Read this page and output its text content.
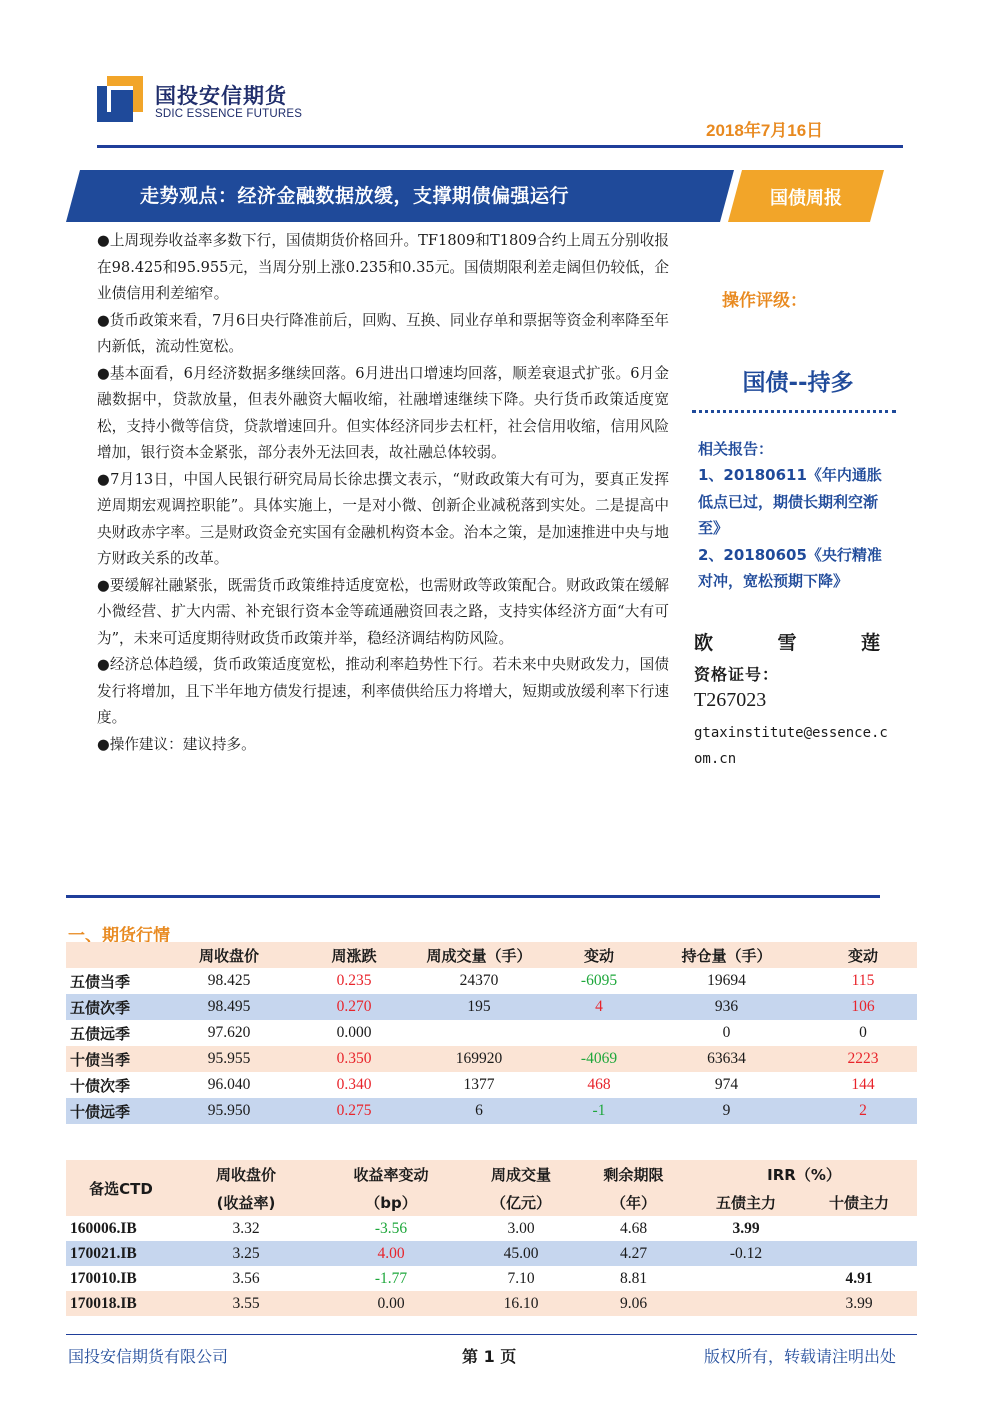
国投安信期货
SDIC ESSENCE FUTURES
2018年7月16日
走势观点：经济金融数据放缓，支撑期债偏强运行	国债周报

●上周现券收益率多数下行，国债期货价格回升。TF1809和T1809合约上周五分别收报在98.425和95.955元，当周分别上涨0.235和0.35元。国债期限利差走阔但仍较低，企业债信用利差缩窄。

●货币政策来看，7月6日央行降准前后，回购、互换、同业存单和票据等资金利率降至年内新低，流动性宽松。

●基本面看，6月经济数据多继续回落。6月进出口增速均回落，顺差衰退式扩张。6月金融数据中，贷款放量，但表外融资大幅收缩，社融增速继续下降。央行货币政策适度宽松，支持小微等信贷，贷款增速回升。但实体经济同步去杠杆，社会信用收缩，信用风险增加，银行资本金紧张，部分表外无法回表，故社融总体较弱。

●7月13日，中国人民银行研究局局长徐忠撰文表示，“财政政策大有可为，要真正发挥逆周期宏观调控职能”。具体实施上，一是对小微、创新企业减税落到实处。二是提高中央财政赤字率。三是财政资金充实国有金融机构资本金。治本之策，是加速推进中央与地方财政关系的改革。

●要缓解社融紧张，既需货币政策维持适度宽松，也需财政等政策配合。财政政策在缓解小微经营、扩大内需、补充银行资本金等疏通融资回表之路，支持实体经济方面“大有可为”，未来可适度期待财政货币政策并举，稳经济调结构防风险。

●经济总体趋缓，货币政策适度宽松，推动利率趋势性下行。若未来中央财政发力，国债发行将增加，且下半年地方债发行提速，利率债供给压力将增大，短期或放缓利率下行速度。

●操作建议：建议持多。

操作评级：
国债--持多
相关报告：
1、20180611《年内通胀低点已过，期债长期利空渐至》
2、20180605《央行精准对冲，宽松预期下降》
欧	雪	莲
资格证号：
T267023
gtaxinstitute@essence.com.cn
一、期货行情
	周收盘价	周涨跌	周成交量（手）	变动	持仓量（手）	变动
五债当季	98.425	0.235	24370	-6095	19694	115
五债次季	98.495	0.270	195	4	936	106
五债远季	97.620	0.000			0	0
十债当季	95.955	0.350	169920	-4069	63634	2223
十债次季	96.040	0.340	1377	468	974	144
十债远季	95.950	0.275	6	-1	9	2
备选CTD	周收盘价	收益率变动	周成交量	剩余期限	IRR（%）	
	(收益率)	（bp）	（亿元）	（年）	五债主力	十债主力
160006.IB	3.32	-3.56	3.00	4.68	3.99	
170021.IB	3.25	4.00	45.00	4.27	-0.12	
170010.IB	3.56	-1.77	7.10	8.81		4.91
170018.IB	3.55	0.00	16.10	9.06		3.99
国投安信期货有限公司	第 1 页	版权所有，转载请注明出处
